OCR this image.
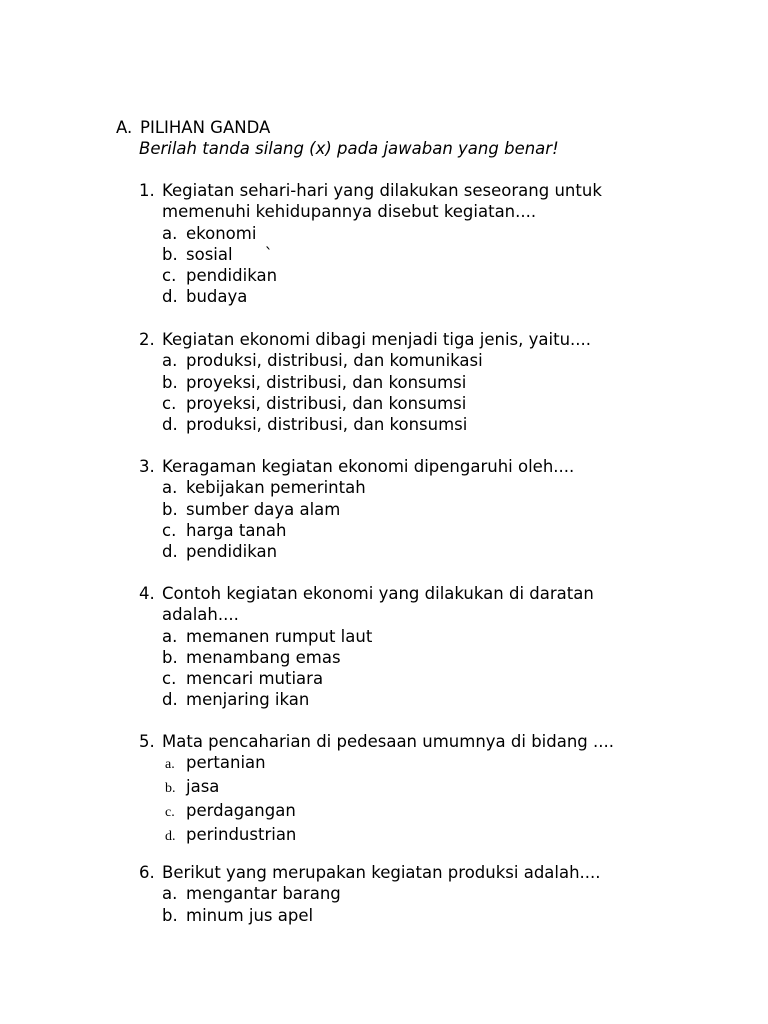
A. PILIHAN GANDA
Berilah tanda silang (x) pada jawaban yang benar!
1. Kegiatan sehari-hari yang dilakukan seseorang untuk
memenuhi kehidupannya disebut kegiatan....
a. ekonomi
b. sosial `
c. pendidikan
d. budaya
2. Kegiatan ekonomi dibagi menjadi tiga jenis, yaitu....
a. produksi, distribusi, dan komunikasi
b. proyeksi, distribusi, dan konsumsi
c. proyeksi, distribusi, dan konsumsi
d. produksi, distribusi, dan konsumsi
3. Keragaman kegiatan ekonomi dipengaruhi oleh....
a. kebijakan pemerintah
b. sumber daya alam
c. harga tanah
d. pendidikan
4. Contoh kegiatan ekonomi yang dilakukan di daratan
adalah....
a. memanen rumput laut
b. menambang emas
c. mencari mutiara
d. menjaring ikan
5. Mata pencaharian di pedesaan umumnya di bidang ....
a. pertanian
b. jasa
c. perdagangan
d. perindustrian
6. Berikut yang merupakan kegiatan produksi adalah....
a. mengantar barang
b. minum jus apel
